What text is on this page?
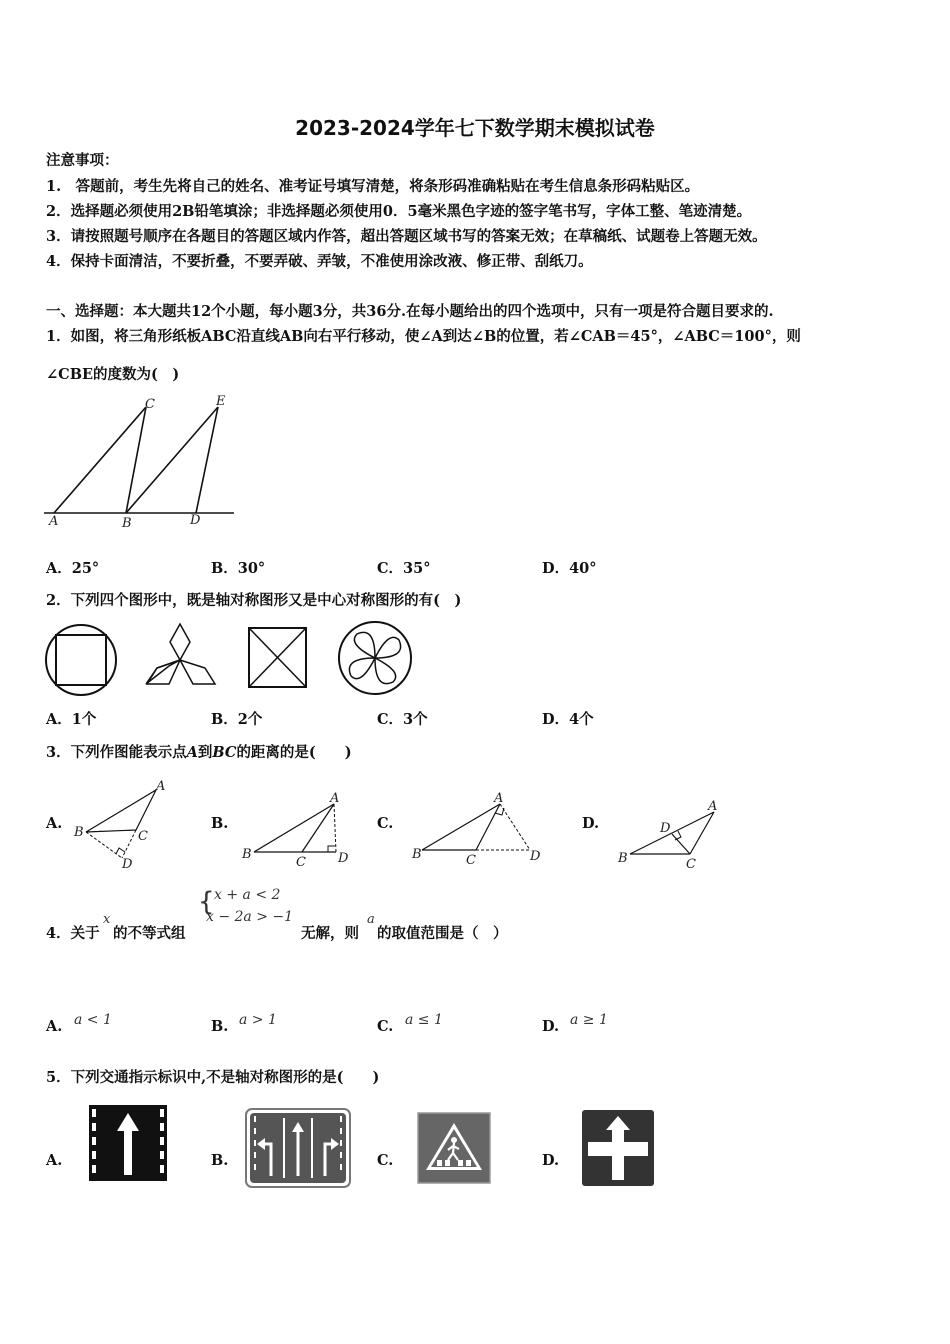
2023-2024学年七下数学期末模拟试卷
注意事项：
1.　答题前，考生先将自己的姓名、准考证号填写清楚，将条形码准确粘贴在考生信息条形码粘贴区。
2．选择题必须使用2B铅笔填涂；非选择题必须使用0．5毫米黑色字迹的签字笔书写，字体工整、笔迹清楚。
3．请按照题号顺序在各题目的答题区域内作答，超出答题区域书写的答案无效；在草稿纸、试题卷上答题无效。
4．保持卡面清洁，不要折叠，不要弄破、弄皱，不准使用涂改液、修正带、刮纸刀。
一、选择题：本大题共12个小题，每小题3分，共36分.在每小题给出的四个选项中，只有一项是符合题目要求的.
1．如图，将三角形纸板ABC沿直线AB向右平行移动，使∠A到达∠B的位置，若∠CAB＝45°，∠ABC＝100°，则
∠CBE的度数为(　)
A	B
C
D
E
A．25°	B．30°	C．35°	D．40°
2．下列四个图形中，既是轴对称图形又是中心对称图形的有(　)
A．1个	B．2个	C．3个	D．4个
3．下列作图能表示点A到BC的距离的是(　　)
A.
A
B	C
D
B.
A
B
C D
C.
A
B	C	D
D.
A
B	C
D
4．关于
x
的不等式组
{ x + a < 2
x − 2a > −1
无解，则
a
的取值范围是（　）
A. a < 1	B. a > 1	C. a ≤ 1	D. a ≥ 1
5．下列交通指示标识中,不是轴对称图形的是(　　)
A.	B.	C.	D.
